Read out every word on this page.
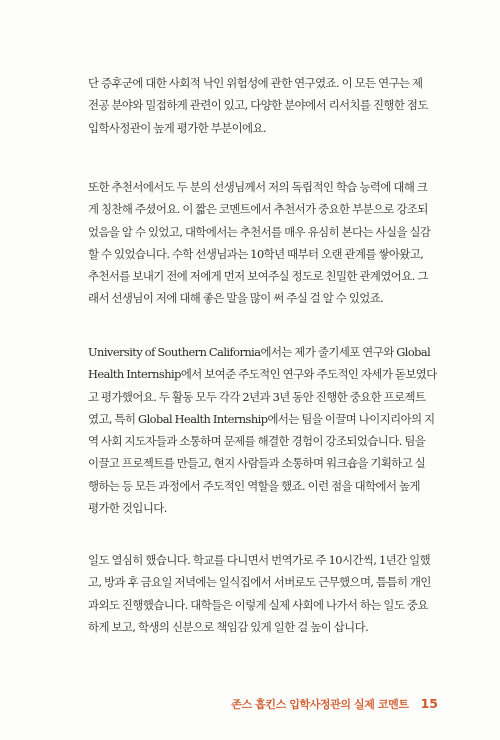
단 증후군에 대한 사회적 낙인 위험성에 관한 연구였죠. 이 모든 연구는 제
전공 분야와 밀접하게 관련이 있고, 다양한 분야에서 리서치를 진행한 점도
입학사정관이 높게 평가한 부분이에요.
또한 추천서에서도 두 분의 선생님께서 저의 독립적인 학습 능력에 대해 크
게 칭찬해 주셨어요. 이 짧은 코멘트에서 추천서가 중요한 부분으로 강조되
었음을 알 수 있었고, 대학에서는 추천서를 매우 유심히 본다는 사실을 실감
할 수 있었습니다. 수학 선생님과는 10학년 때부터 오랜 관계를 쌓아왔고,
추천서를 보내기 전에 저에게 먼저 보여주실 정도로 친밀한 관계였어요. 그
래서 선생님이 저에 대해 좋은 말을 많이 써 주실 걸 알 수 있었죠.
University of Southern California에서는 제가 줄기세포 연구와 Global
Health Internship에서 보여준 주도적인 연구와 주도적인 자세가 돋보였다
고 평가했어요. 두 활동 모두 각각 2년과 3년 동안 진행한 중요한 프로젝트
였고, 특히 Global Health Internship에서는 팀을 이끌며 나이지리아의 지
역 사회 지도자들과 소통하며 문제를 해결한 경험이 강조되었습니다. 팀을
이끌고 프로젝트를 만들고, 현지 사람들과 소통하며 워크숍을 기획하고 실
행하는 등 모든 과정에서 주도적인 역할을 했죠. 이런 점을 대학에서 높게
평가한 것입니다.
일도 열심히 했습니다. 학교를 다니면서 번역가로 주 10시간씩, 1년간 일했
고, 방과 후 금요일 저녁에는 일식집에서 서버로도 근무했으며, 틈틈히 개인
과외도 진행했습니다. 대학들은 이렇게 실제 사회에 나가서 하는 일도 중요
하게 보고, 학생의 신분으로 책임감 있게 일한 걸 높이 삽니다.
존스 홉킨스 입학사정관의 실제 코멘트 15
